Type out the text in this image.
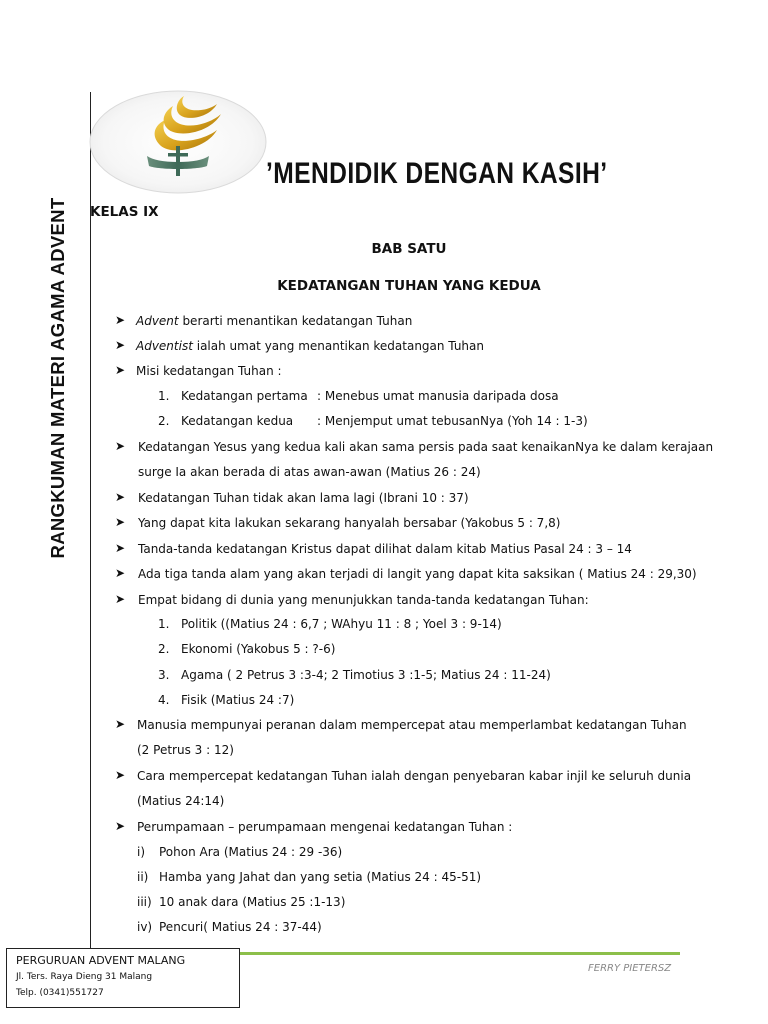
RANGKUMAN MATERI AGAMA ADVENT
’MENDIDIK DENGAN KASIH’
KELAS IX
BAB SATU
KEDATANGAN TUHAN YANG KEDUA
➤ Advent berarti menantikan kedatangan Tuhan
➤ Adventist ialah umat yang menantikan kedatangan Tuhan
➤ Misi kedatangan Tuhan :
1. Kedatangan pertama : Menebus umat manusia daripada dosa
2. Kedatangan kedua : Menjemput umat tebusanNya (Yoh 14 : 1-3)
➤ Kedatangan Yesus yang kedua kali akan sama persis pada saat kenaikanNya ke dalam kerajaan
surge Ia akan berada di atas awan-awan (Matius 26 : 24)
➤ Kedatangan Tuhan tidak akan lama lagi (Ibrani 10 : 37)
➤ Yang dapat kita lakukan sekarang hanyalah bersabar (Yakobus 5 : 7,8)
➤ Tanda-tanda kedatangan Kristus dapat dilihat dalam kitab Matius Pasal 24 : 3 – 14
➤ Ada tiga tanda alam yang akan terjadi di langit yang dapat kita saksikan ( Matius 24 : 29,30)
➤ Empat bidang di dunia yang menunjukkan tanda-tanda kedatangan Tuhan:
1. Politik ((Matius 24 : 6,7 ; WAhyu 11 : 8 ; Yoel 3 : 9-14)
2. Ekonomi (Yakobus 5 : ?-6)
3. Agama ( 2 Petrus 3 :3-4; 2 Timotius 3 :1-5; Matius 24 : 11-24)
4. Fisik (Matius 24 :7)
➤ Manusia mempunyai peranan dalam mempercepat atau memperlambat kedatangan Tuhan
(2 Petrus 3 : 12)
➤ Cara mempercepat kedatangan Tuhan ialah dengan penyebaran kabar injil ke seluruh dunia
(Matius 24:14)
➤ Perumpamaan – perumpamaan mengenai kedatangan Tuhan :
i) Pohon Ara (Matius 24 : 29 -36)
ii) Hamba yang Jahat dan yang setia (Matius 24 : 45-51)
iii) 10 anak dara (Matius 25 :1-13)
iv) Pencuri( Matius 24 : 37-44)
PERGURUAN ADVENT MALANG
Jl. Ters. Raya Dieng 31 Malang
Telp. (0341)551727
FERRY PIETERSZ
